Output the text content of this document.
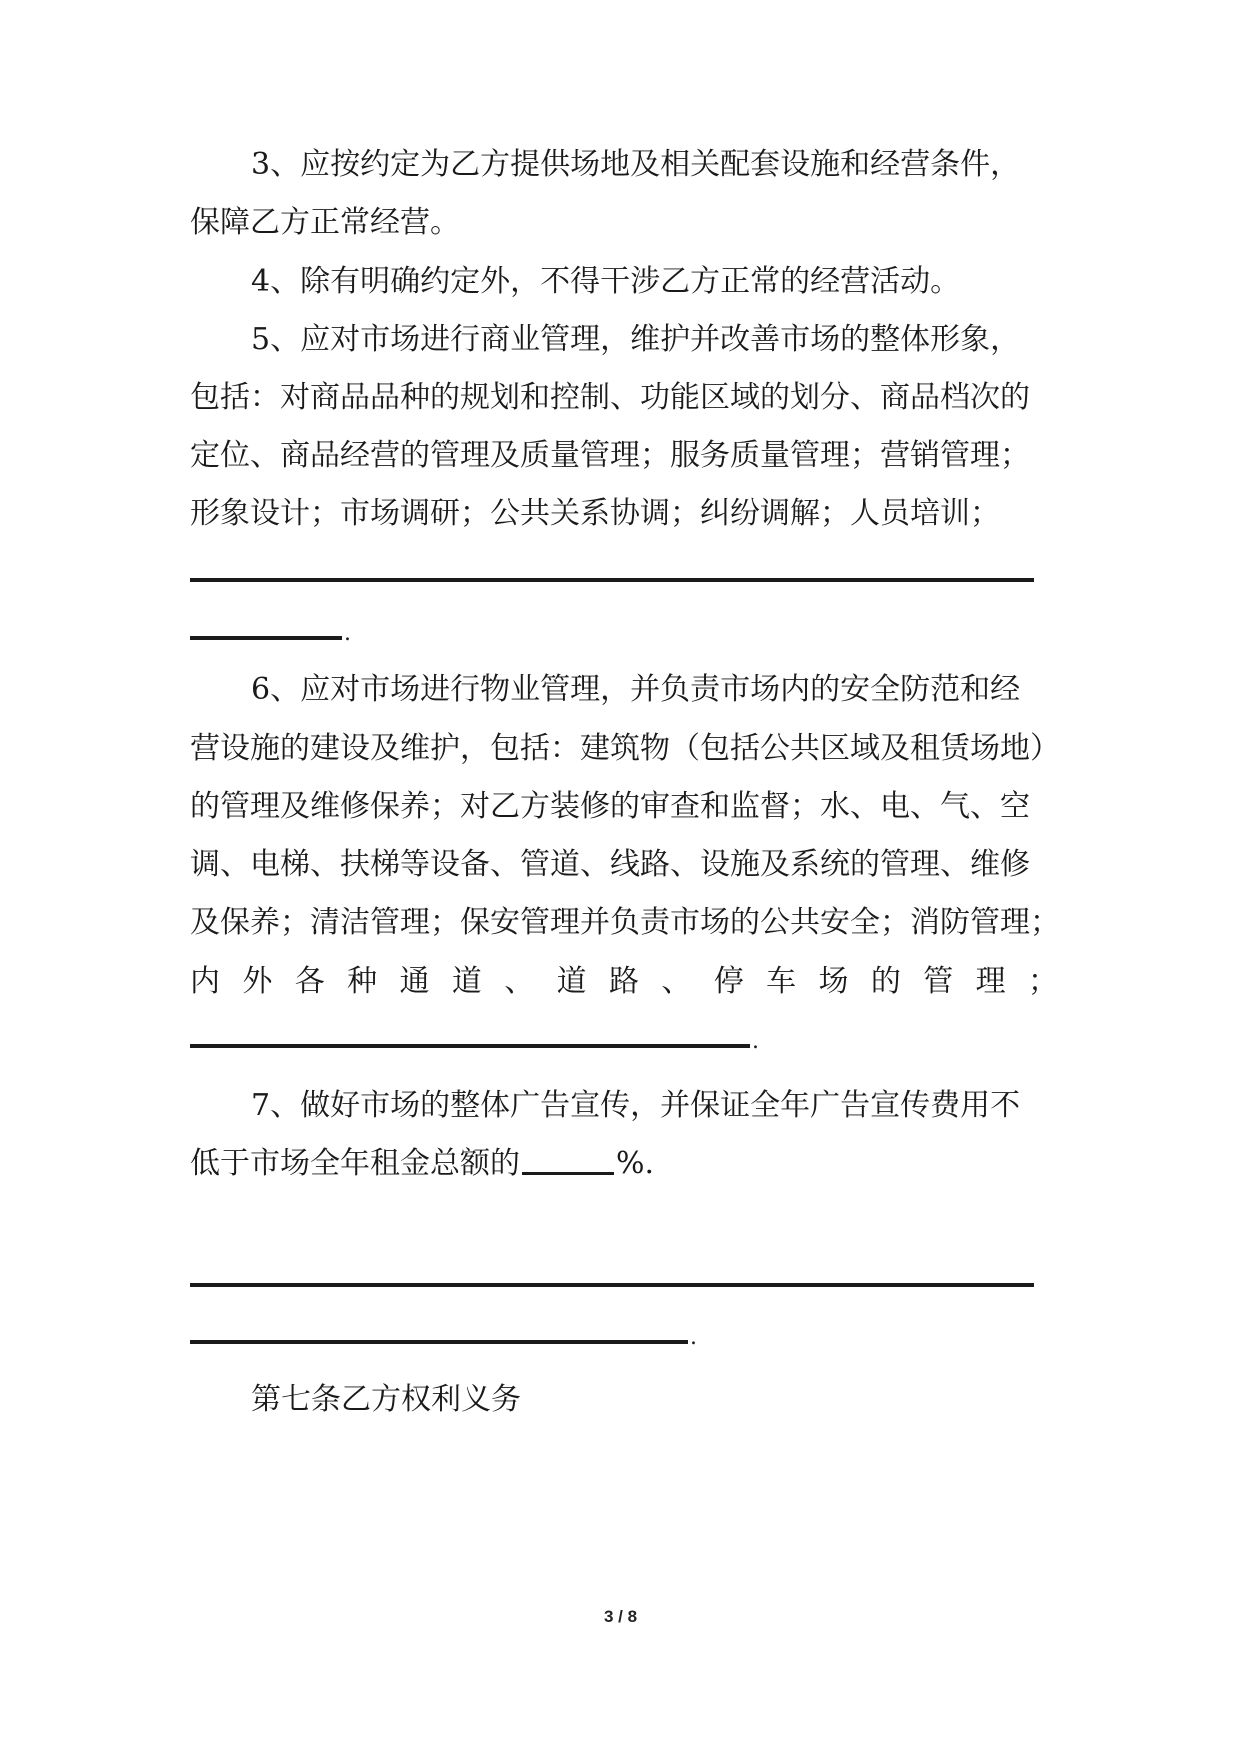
3、应按约定为乙方提供场地及相关配套设施和经营条件，
保障乙方正常经营。
4、除有明确约定外，不得干涉乙方正常的经营活动。
5、应对市场进行商业管理，维护并改善市场的整体形象，
包括：对商品品种的规划和控制、功能区域的划分、商品档次的
定位、商品经营的管理及质量管理；服务质量管理；营销管理；
形象设计；市场调研；公共关系协调；纠纷调解；人员培训；
.
6、应对市场进行物业管理，并负责市场内的安全防范和经
营设施的建设及维护，包括：建筑物（包括公共区域及租赁场地）
的管理及维修保养；对乙方装修的审查和监督；水、电、气、空
调、电梯、扶梯等设备、管道、线路、设施及系统的管理、维修
及保养；清洁管理；保安管理并负责市场的公共安全；消防管理；
内 外 各 种 通 道 、 道 路 、 停 车 场 的 管 理 ；
.
7、做好市场的整体广告宣传，并保证全年广告宣传费用不
低于市场全年租金总额的	%.
.
第七条乙方权利义务
3 / 8
